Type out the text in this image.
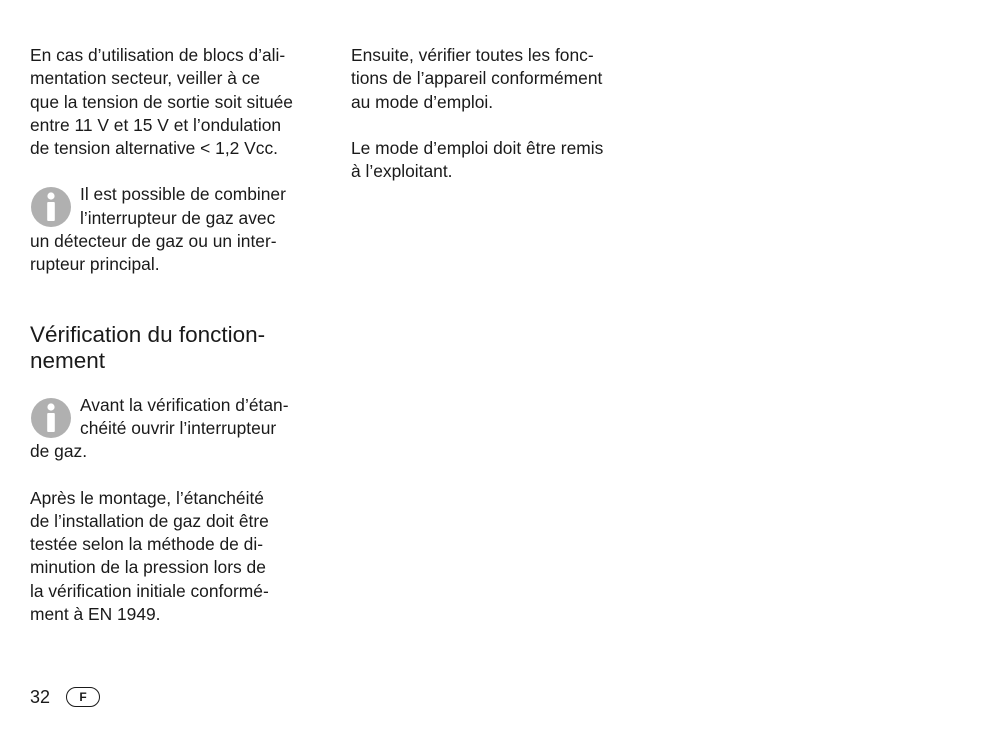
En cas d’utilisation de blocs d’ali-
mentation secteur, veiller à ce
que la tension de sortie soit située
entre 11 V et 15 V et l’ondulation
de tension alternative < 1,2 Vcc.

Il est possible de combiner
l’interrupteur de gaz avec
un détecteur de gaz ou un inter-
rupteur principal.
Vérification du fonction-
nement
Avant la vérification d’étan-
chéité ouvrir l’interrupteur
de gaz.

Après le montage, l’étanchéité
de l’installation de gaz doit être
testée selon la méthode de di-
minution de la pression lors de
la vérification initiale conformé-
ment à EN 1949.

Ensuite, vérifier toutes les fonc-
tions de l’appareil conformément
au mode d’emploi.

Le mode d’emploi doit être remis
à l’exploitant.

32	F
